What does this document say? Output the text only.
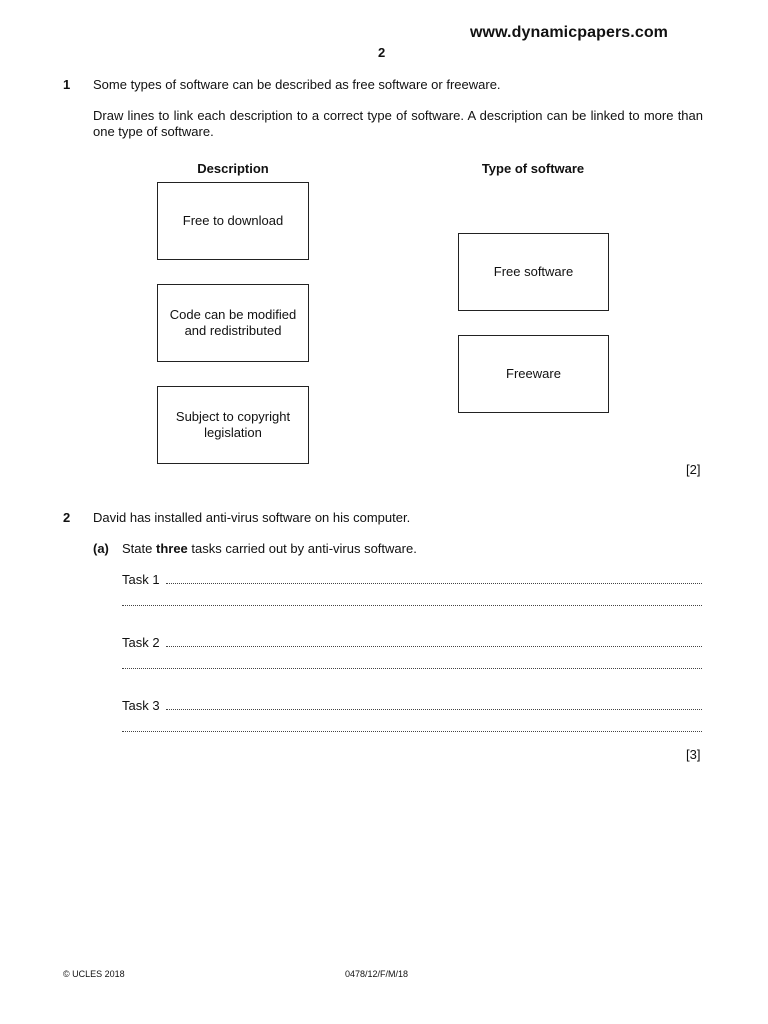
www.dynamicpapers.com
2
1 Some types of software can be described as free software or freeware.
Draw lines to link each description to a correct type of software. A description can be linked to more than one type of software.
Description	Type of software
Free to download
Code can be modified and redistributed
Subject to copyright legislation
Free software
Freeware
[2]
2 David has installed anti-virus software on his computer.
(a) State three tasks carried out by anti-virus software.
Task 1
Task 2
Task 3
[3]
© UCLES 2018	0478/12/F/M/18
